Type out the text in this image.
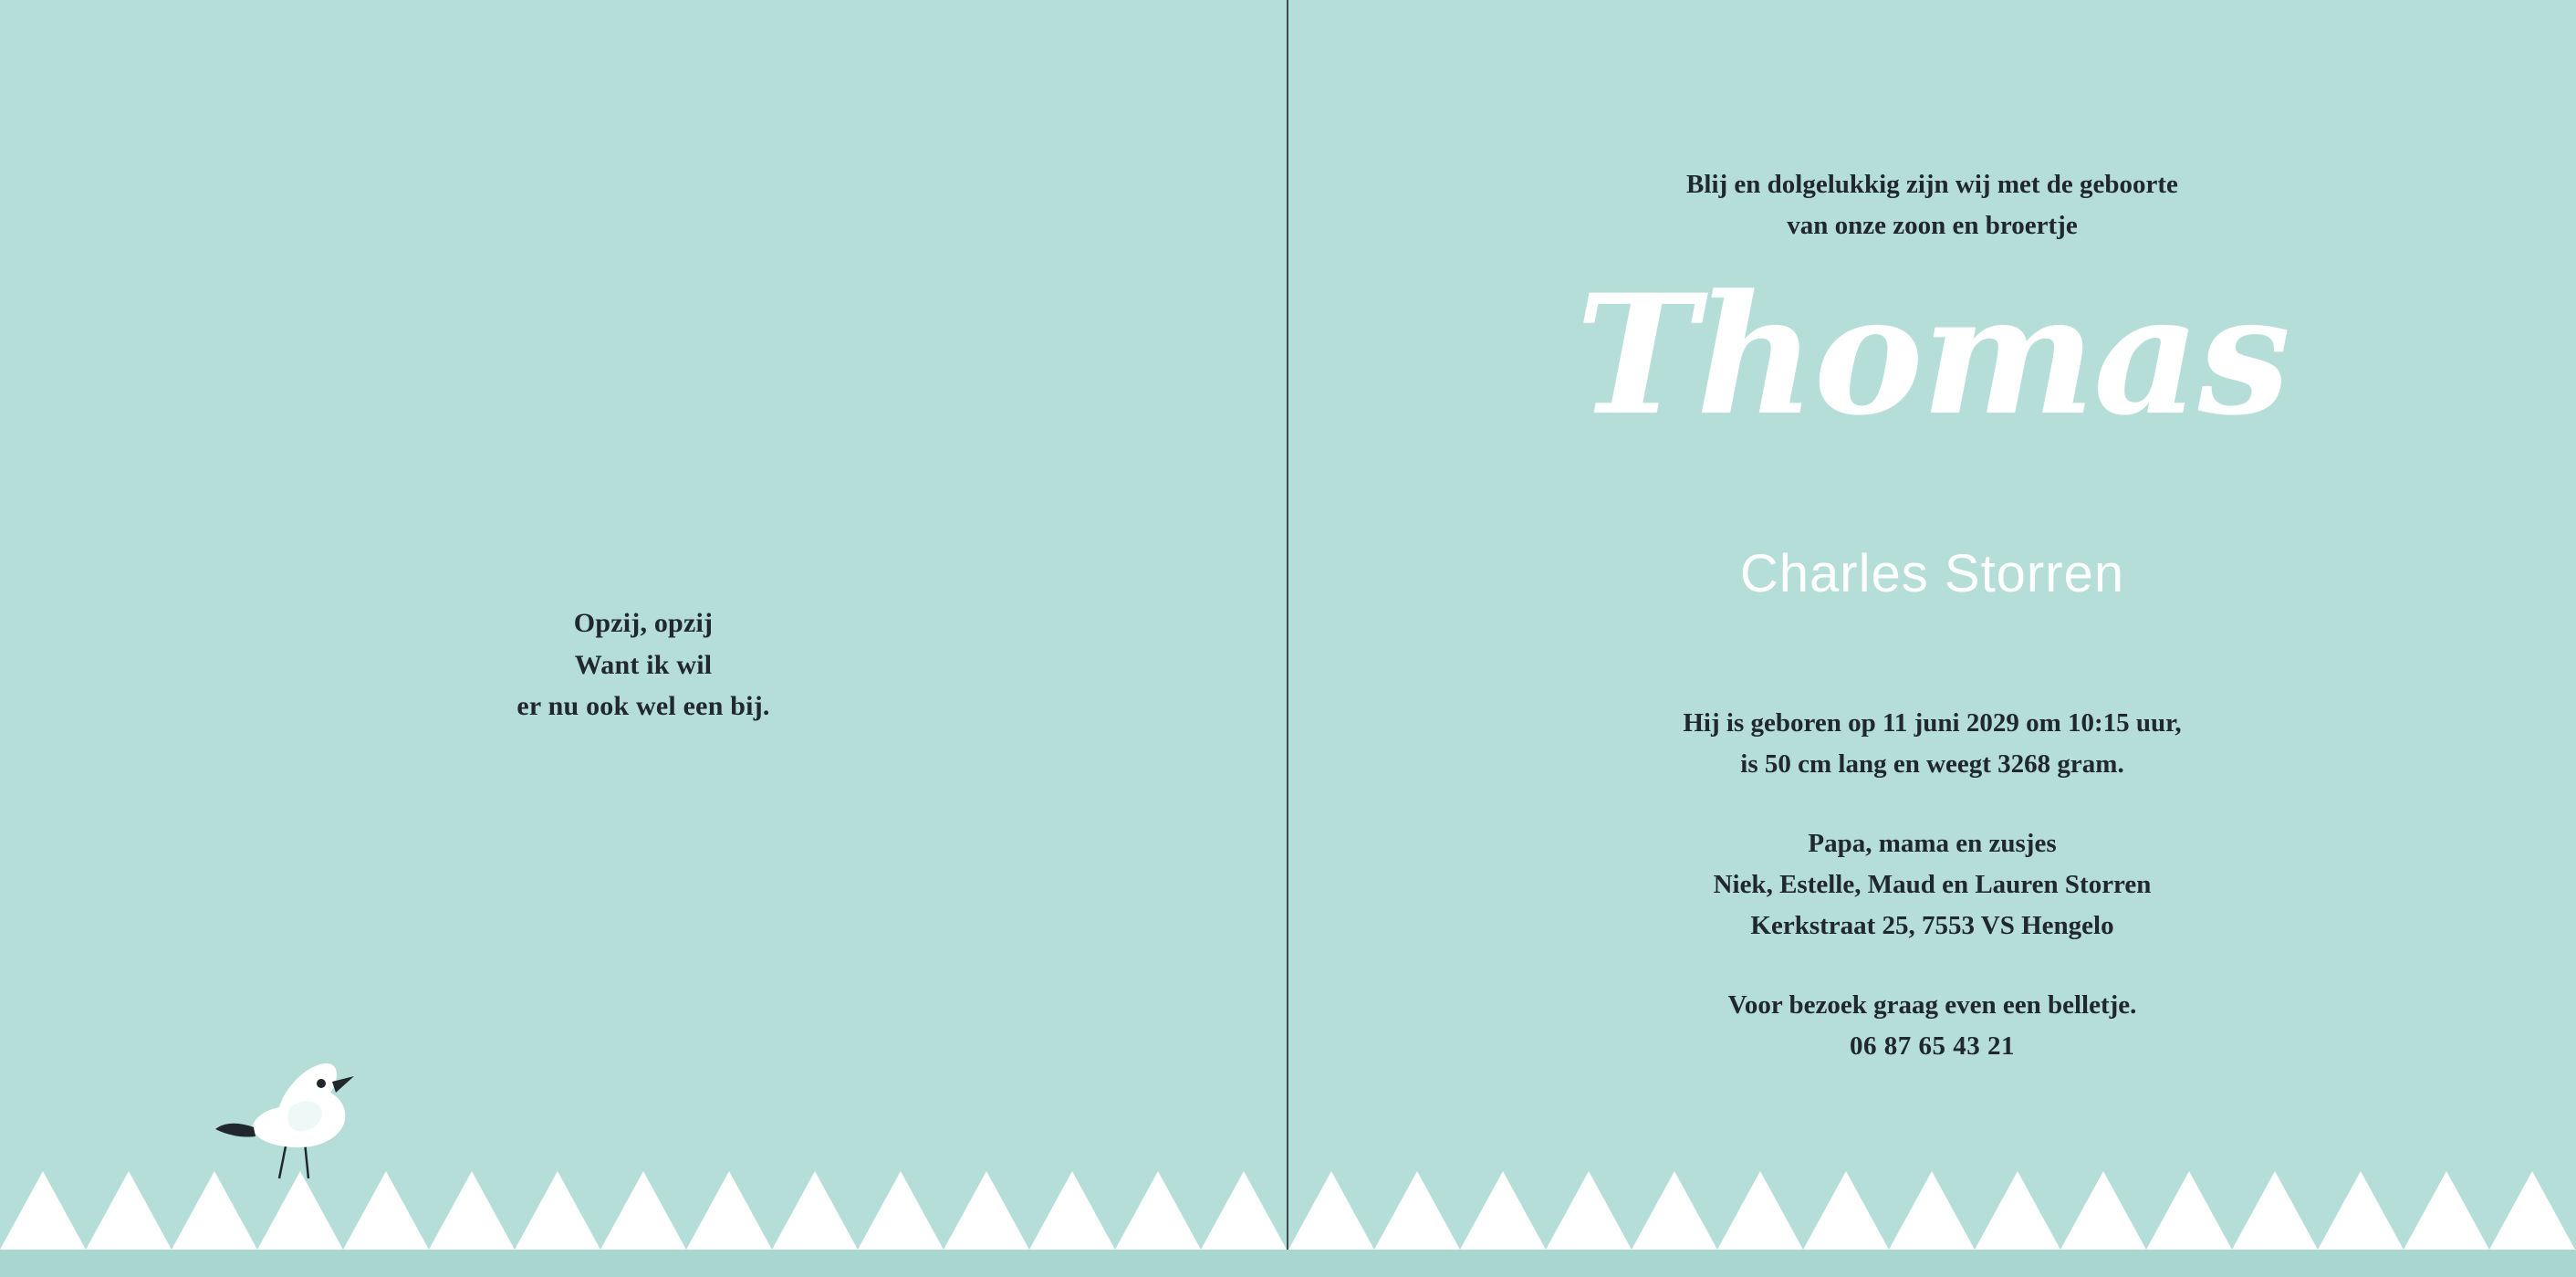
Opzij, opzij
Want ik wil
er nu ook wel een bij.
Blij en dolgelukkig zijn wij met de geboorte
van onze zoon en broertje
Thomas
Charles Storren
Hij is geboren op 11 juni 2029 om 10:15 uur,
is 50 cm lang en weegt 3268 gram.
Papa, mama en zusjes
Niek, Estelle, Maud en Lauren Storren
Kerkstraat 25, 7553 VS Hengelo
Voor bezoek graag even een belletje.
06 87 65 43 21
